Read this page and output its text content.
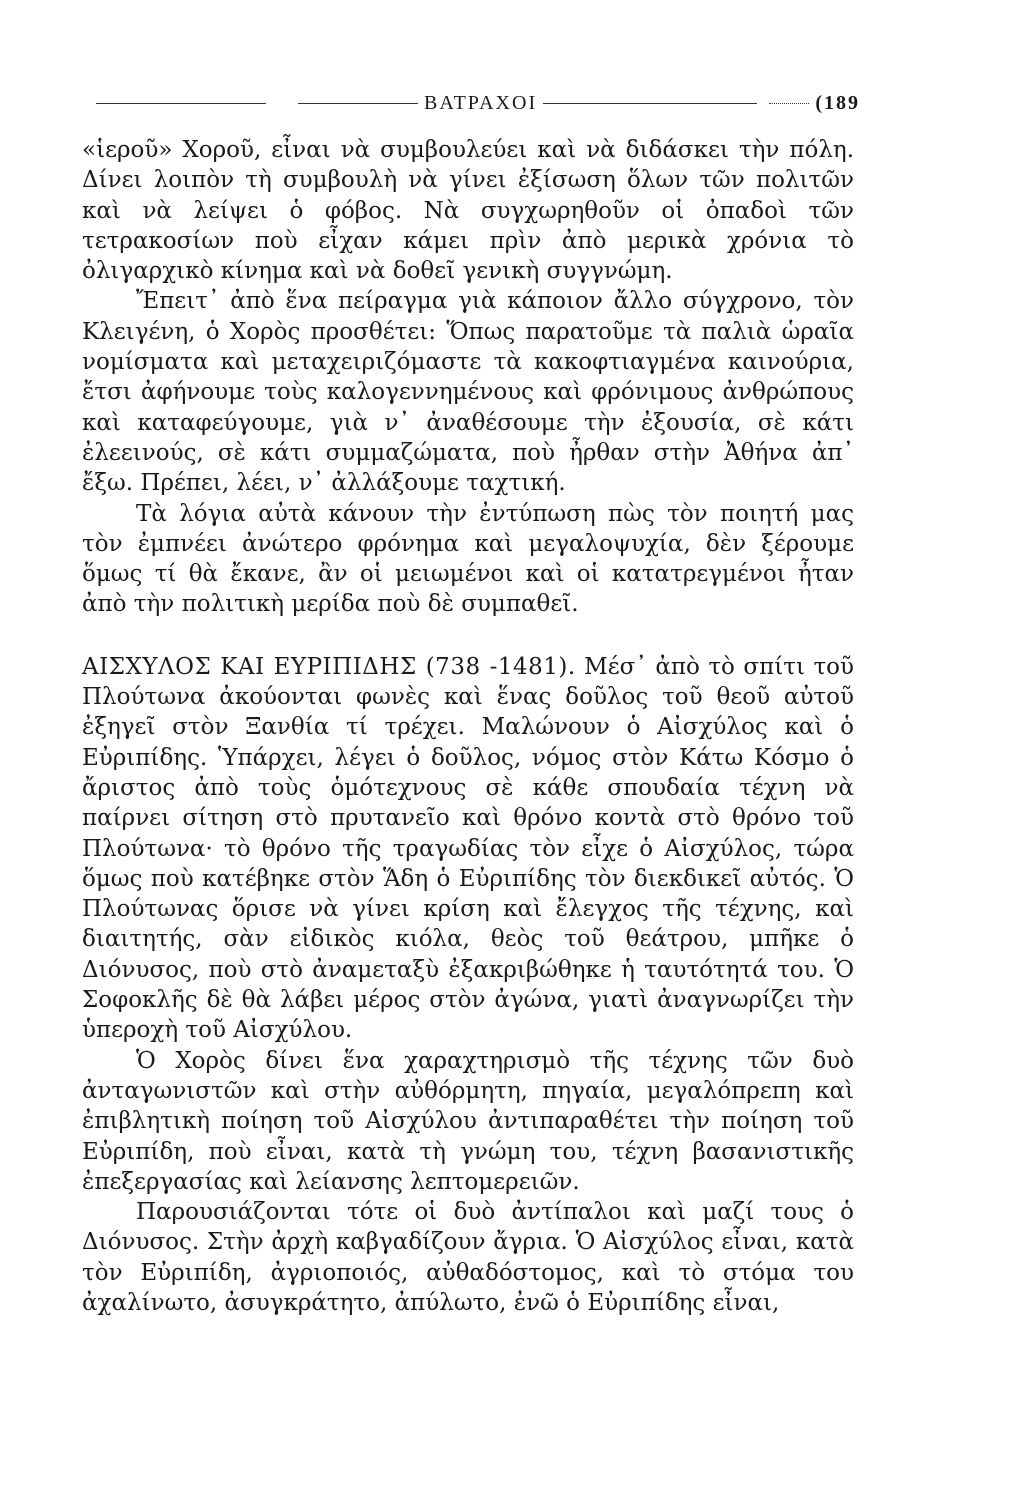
ΒΑΤΡΑΧΟΙ	(189

«ἱεροῦ» Χοροῦ, εἶναι νὰ συμβουλεύει καὶ νὰ διδάσκει τὴν πόλη. Δίνει λοιπὸν τὴ συμβουλὴ νὰ γίνει ἐξίσωση ὅλων τῶν πολιτῶν καὶ νὰ λείψει ὁ φόβος. Νὰ συγχωρηθοῦν οἱ ὀπαδοὶ τῶν τετρακοσίων ποὺ εἶχαν κάμει πρὶν ἀπὸ μερικὰ χρόνια τὸ ὀλιγαρχικὸ κίνημα καὶ νὰ δοθεῖ γενικὴ συγγνώμη.

Ἔπειτ᾽ ἀπὸ ἕνα πείραγμα γιὰ κάποιον ἄλλο σύγχρονο, τὸν Κλειγένη, ὁ Χορὸς προσθέτει: Ὅπως παρατοῦμε τὰ παλιὰ ὡραῖα νομίσματα καὶ μεταχειριζόμαστε τὰ κακοφτιαγμένα καινούρια, ἔτσι ἀφήνουμε τοὺς καλογεννημένους καὶ φρόνιμους ἀνθρώπους καὶ καταφεύγουμε, γιὰ ν᾽ ἀναθέσουμε τὴν ἐξουσία, σὲ κάτι ἐλεεινούς, σὲ κάτι συμμαζώματα, ποὺ ἦρθαν στὴν Ἀθήνα ἀπ᾽ ἔξω. Πρέπει, λέει, ν᾽ ἀλλάξουμε ταχτική.

Τὰ λόγια αὐτὰ κάνουν τὴν ἐντύπωση πὼς τὸν ποιητή μας τὸν ἐμπνέει ἀνώτερο φρόνημα καὶ μεγαλοψυχία, δὲν ξέρουμε ὅμως τί θὰ ἔκανε, ἂν οἱ μειωμένοι καὶ οἱ κατατρεγμένοι ἦταν ἀπὸ τὴν πολιτικὴ μερίδα ποὺ δὲ συμπαθεῖ.

ΑΙΣΧΥΛΟΣ ΚΑΙ ΕΥΡΙΠΙΔΗΣ (738 -1481). Μέσ᾽ ἀπὸ τὸ σπίτι τοῦ Πλούτωνα ἀκούονται φωνὲς καὶ ἕνας δοῦλος τοῦ θεοῦ αὐτοῦ ἐξηγεῖ στὸν Ξανθία τί τρέχει. Μαλώνουν ὁ Αἰσχύλος καὶ ὁ Εὐριπίδης. Ὑπάρχει, λέγει ὁ δοῦλος, νόμος στὸν Κάτω Κόσμο ὁ ἄριστος ἀπὸ τοὺς ὁμότεχνους σὲ κάθε σπουδαία τέχνη νὰ παίρνει σίτηση στὸ πρυτανεῖο καὶ θρόνο κοντὰ στὸ θρόνο τοῦ Πλούτωνα· τὸ θρόνο τῆς τραγωδίας τὸν εἶχε ὁ Αἰσχύλος, τώρα ὅμως ποὺ κατέβηκε στὸν Ἅδη ὁ Εὐριπίδης τὸν διεκδικεῖ αὐτός. Ὁ Πλούτωνας ὅρισε νὰ γίνει κρίση καὶ ἔλεγχος τῆς τέχνης, καὶ διαιτητής, σὰν εἰδικὸς κιόλα, θεὸς τοῦ θεάτρου, μπῆκε ὁ Διόνυσος, ποὺ στὸ ἀναμεταξὺ ἐξακριβώθηκε ἡ ταυτότητά του. Ὁ Σοφοκλῆς δὲ θὰ λάβει μέρος στὸν ἀγώνα, γιατὶ ἀναγνωρίζει τὴν ὑπεροχὴ τοῦ Αἰσχύλου.

Ὁ Χορὸς δίνει ἕνα χαραχτηρισμὸ τῆς τέχνης τῶν δυὸ ἀνταγωνιστῶν καὶ στὴν αὐθόρμητη, πηγαία, μεγαλόπρεπη καὶ ἐπιβλητικὴ ποίηση τοῦ Αἰσχύλου ἀντιπαραθέτει τὴν ποίηση τοῦ Εὐριπίδη, ποὺ εἶναι, κατὰ τὴ γνώμη του, τέχνη βασανιστικῆς ἐπεξεργασίας καὶ λείανσης λεπτομερειῶν.

Παρουσιάζονται τότε οἱ δυὸ ἀντίπαλοι καὶ μαζί τους ὁ Διόνυσος. Στὴν ἀρχὴ καβγαδίζουν ἄγρια. Ὁ Αἰσχύλος εἶναι, κατὰ τὸν Εὐριπίδη, ἀγριοποιός, αὐθαδόστομος, καὶ τὸ στόμα του ἀχαλίνωτο, ἀσυγκράτητο, ἀπύλωτο, ἐνῶ ὁ Εὐριπίδης εἶναι,
